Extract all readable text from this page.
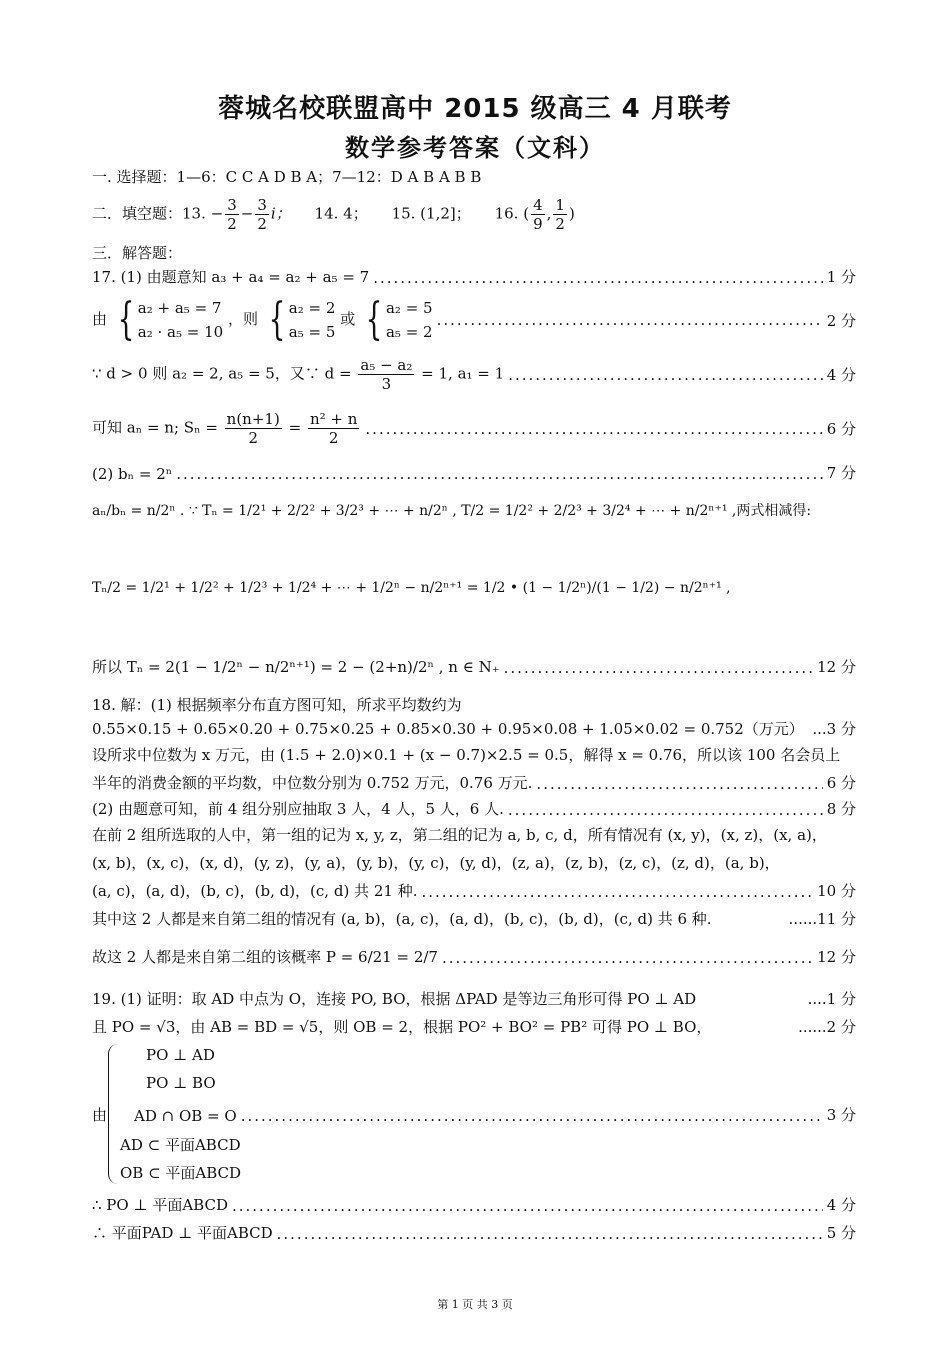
蓉城名校联盟高中 2015 级高三 4 月联考
数学参考答案（文科）
一. 选择题：1—6：C C A D B A；7—12：D A B A B B
二．填空题：13. − $\frac{3}{2} - \frac{3}{2}$ i； 14. 4； 15. (1,2]； 16. ( $\frac{4}{9}$ , $\frac{1}{2}$ )
三．解答题：
17. (1) 由题意知 a₃ + a₄ = a₂ + a₅ = 7 .....	1 分
由 { a₂ + a₅ = 7
a₂ · a₅ = 10
，则 { a₂ = 2
a₅ = 5
或 { a₂ = 5
a₅ = 2
.....
2 分
∵ d > 0 则 a₂ = 2, a₅ = 5，又∵ $d = \frac{\text{a₅ − a₂}}{3} = 1$, a₁ = 1 .....	4 分
可知 aₙ = n; $S_n = \frac{n(n+1)}{2} = \frac{\text{n² + n}}{2}$ .....	6 分
(2) bₙ = 2ⁿ .....	7 分
aₙ/bₙ = n/2ⁿ . ∵ Tₙ = 1/2¹ + 2/2² + 3/2³ + ⋯ + n/2ⁿ , T/2 = 1/2² + 2/2³ + 3/2⁴ + ⋯ + n/2ⁿ⁺¹ ,两式相减得:
Tₙ/2 = 1/2¹ + 1/2² + 1/2³ + 1/2⁴ + ⋯ + 1/2ⁿ − n/2ⁿ⁺¹ = 1/2 • (1 − 1/2ⁿ)/(1 − 1/2) − n/2ⁿ⁺¹ ,
所以 Tₙ = 2(1 − 1/2ⁿ − n/2ⁿ⁺¹) = 2 − (2+n)/2ⁿ , n ∈ N₊ .....	12 分
18. 解：(1) 根据频率分布直方图可知，所求平均数约为
0.55×0.15 + 0.65×0.20 + 0.75×0.25 + 0.85×0.30 + 0.95×0.08 + 1.05×0.02 = 0.752（万元） ...3 分
设所求中位数为 x 万元，由 (1.5 + 2.0)×0.1 + (x − 0.7)×2.5 = 0.5，解得 x = 0.76，所以该 100 名会员上
半年的消费金额的平均数，中位数分别为 0.752 万元，0.76 万元. .....	6 分
(2) 由题意可知，前 4 组分别应抽取 3 人，4 人，5 人，6 人. .....	8 分
在前 2 组所选取的人中，第一组的记为 x, y, z，第二组的记为 a, b, c, d，所有情况有 (x, y)，(x, z)，(x, a)，
(x, b)，(x, c)，(x, d)，(y, z)，(y, a)，(y, b)，(y, c)，(y, d)，(z, a)，(z, b)，(z, c)，(z, d)，(a, b)，
(a, c)，(a, d)，(b, c)，(b, d)，(c, d) 共 21 种. .....	10 分
其中这 2 人都是来自第二组的情况有 (a, b)，(a, c)，(a, d)，(b, c)，(b, d)，(c, d) 共 6 种.	......11 分
故这 2 人都是来自第二组的该概率 P = 6/21 = 2/7 .....	12 分
19. (1) 证明：取 AD 中点为 O，连接 PO, BO，根据 ΔPAD 是等边三角形可得 PO ⊥ AD	....1 分
且 PO = √3，由 AB = BD = √5，则 OB = 2，根据 PO² + BO² = PB² 可得 PO ⊥ BO，	......2 分
PO ⊥ AD
PO ⊥ BO
由	AD ∩ OB = O .....	3 分
AD ⊂ 平面ABCD
OB ⊂ 平面ABCD
∴ PO ⊥ 平面ABCD .....	4 分
∴ 平面PAD ⊥ 平面ABCD .....	5 分
第 1 页 共 3 页
